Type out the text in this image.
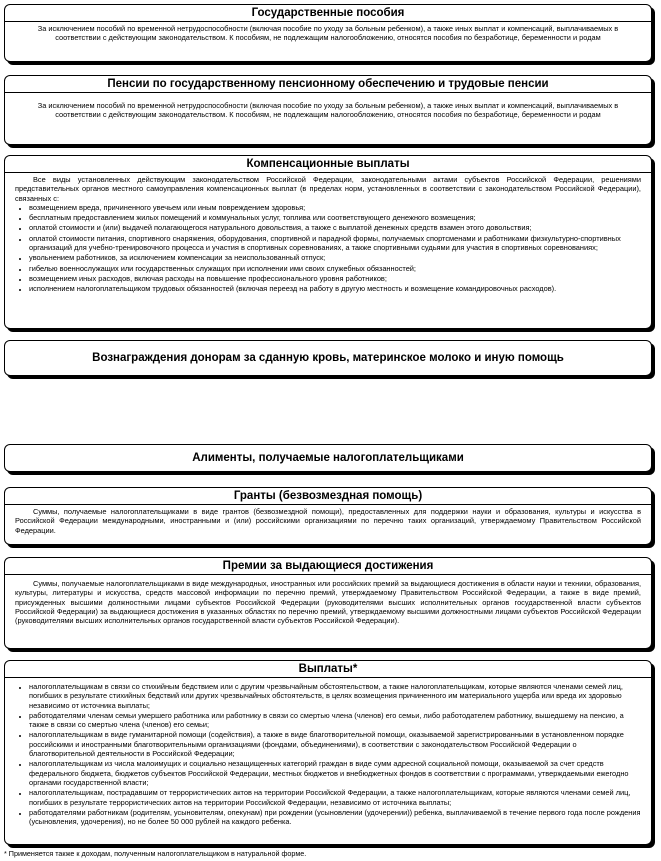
Государственные пособия
За исключением пособий по временной нетрудоспособности (включая пособие по уходу за больным ребенком), а также иных выплат и компенсаций, выплачиваемых в соответствии с действующим законодательством. К пособиям, не подлежащим налогообложению, относятся пособия по безработице, беременности и родам
Пенсии по государственному пенсионному обеспечению и трудовые пенсии
За исключением пособий по временной нетрудоспособности (включая пособие по уходу за больным ребенком), а также иных выплат и компенсаций, выплачиваемых в соответствии с действующим законодательством. К пособиям, не подлежащим налогообложению, относятся пособия по безработице, беременности и родам
Компенсационные выплаты
Все виды установленных действующим законодательством Российской Федерации, законодательными актами субъектов Российской Федерации, решениями представительных органов местного самоуправления компенсационных выплат (в пределах норм, установленных в соответствии с законодательством Российской Федерации), связанных с:
• возмещением вреда, причиненного увечьем или иным повреждением здоровья;
• бесплатным предоставлением жилых помещений и коммунальных услуг, топлива или соответствующего денежного возмещения;
• оплатой стоимости и (или) выдачей полагающегося натурального довольствия, а также с выплатой денежных средств взамен этого довольствия;
• оплатой стоимости питания, спортивного снаряжения, оборудования, спортивной и парадной формы, получаемых спортсменами и работниками физкультурно-спортивных организаций для учебно-тренировочного процесса и участия в спортивных соревнованиях, а также спортивными судьями для участия в спортивных соревнованиях;
• увольнением работников, за исключением компенсации за неиспользованный отпуск;
• гибелью военнослужащих или государственных служащих при исполнении ими своих служебных обязанностей;
• возмещением иных расходов, включая расходы на повышение профессионального уровня работников;
• исполнением налогоплательщиком трудовых обязанностей (включая переезд на работу в другую местность и возмещение командировочных расходов).
Вознаграждения донорам за сданную кровь, материнское молоко и иную помощь
Алименты, получаемые налогоплательщиками
Гранты (безвозмездная помощь)
Суммы, получаемые налогоплательщиками в виде грантов (безвозмездной помощи), предоставленных для поддержки науки и образования, культуры и искусства в Российской Федерации международными, иностранными и (или) российскими организациями по перечню таких организаций, утверждаемому Правительством Российской Федерации.
Премии за выдающиеся достижения
Суммы, получаемые налогоплательщиками в виде международных, иностранных или российских премий за выдающиеся достижения в области науки и техники, образования, культуры, литературы и искусства, средств массовой информации по перечню премий, утверждаемому Правительством Российской Федерации, а также в виде премий, присужденных высшими должностными лицами субъектов Российской Федерации (руководителями высших исполнительных органов государственной власти субъектов Российской Федерации) за выдающиеся достижения в указанных областях по перечню премий, утверждаемому высшими должностными лицами субъектов Российской Федерации (руководителями высших исполнительных органов государственной власти субъектов Российской Федерации).
Выплаты*
• налогоплательщикам в связи со стихийным бедствием или с другим чрезвычайным обстоятельством, а также налогоплательщикам, которые являются членами семей лиц, погибших в результате стихийных бедствий или других чрезвычайных обстоятельств, в целях возмещения причиненного им материального ущерба или вреда их здоровью независимо от источника выплаты;
• работодателями членам семьи умершего работника или работнику в связи со смертью члена (членов) его семьи, либо работодателем работнику, вышедшему на пенсию, а также в связи со смертью члена (членов) его семьи;
• налогоплательщикам в виде гуманитарной помощи (содействия), а также в виде благотворительной помощи, оказываемой зарегистрированными в установленном порядке российскими и иностранными благотворительными организациями (фондами, объединениями), в соответствии с законодательством Российской Федерации о благотворительной деятельности в Российской Федерации;
• налогоплательщикам из числа малоимущих и социально незащищенных категорий граждан в виде сумм адресной социальной помощи, оказываемой за счет средств федерального бюджета, бюджетов субъектов Российской Федерации, местных бюджетов и внебюджетных фондов в соответствии с программами, утверждаемыми ежегодно органами государственной власти;
• налогоплательщикам, пострадавшим от террористических актов на территории Российской Федерации, а также налогоплательщикам, которые являются членами семей лиц, погибших в результате террористических актов на территории Российской Федерации, независимо от источника выплаты;
• работодателями работникам (родителям, усыновителям, опекунам) при рождении (усыновлении (удочерении)) ребенка, выплачиваемой в течение первого года после рождения (усыновления, удочерения), но не более 50 000 рублей на каждого ребенка.
* Применяется также к доходам, полученным налогоплательщиком в натуральной форме.
